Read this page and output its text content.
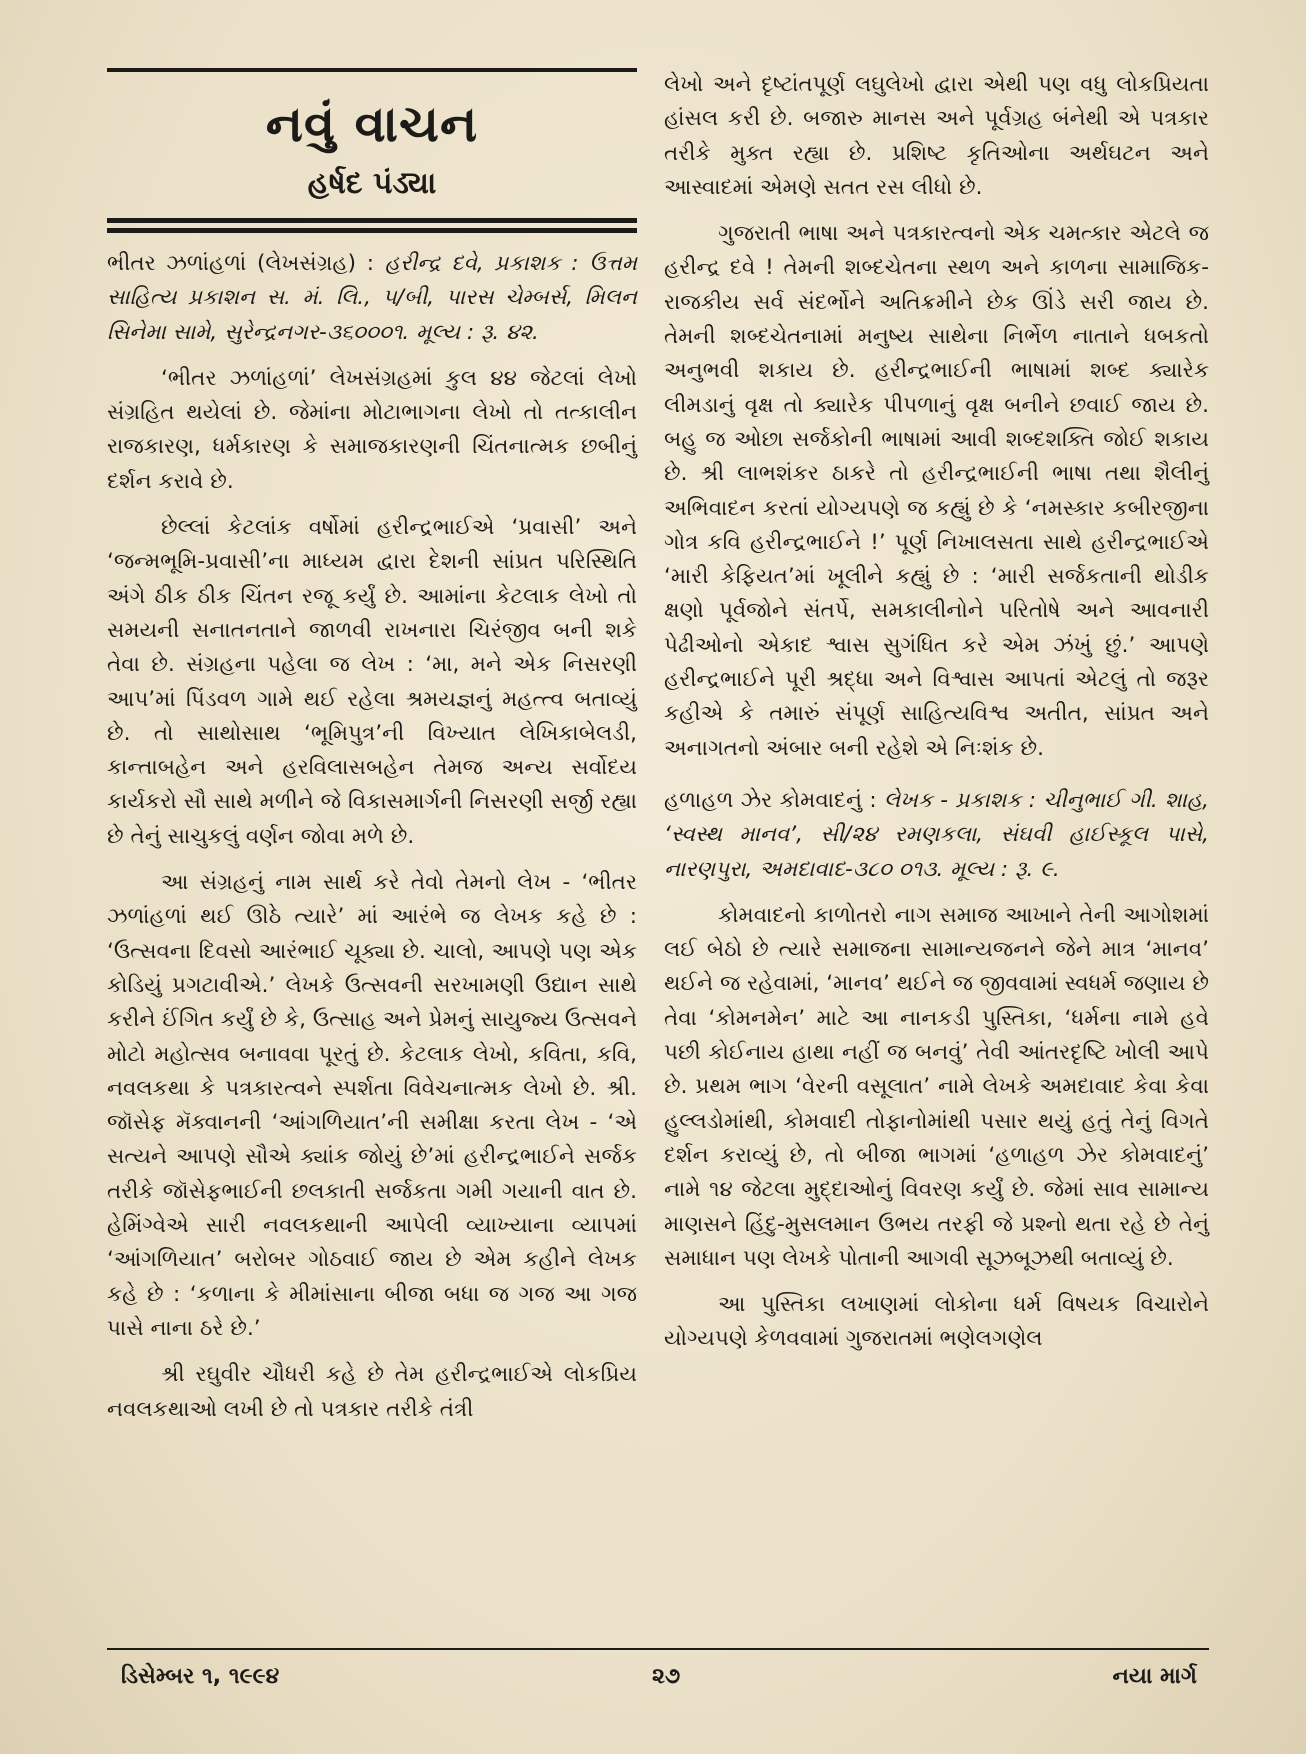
નવું વાચન
હર્ષદ પંડ્યા

ભીતર ઝળાંહળાં (લેખસંગ્રહ) : હરીન્દ્ર દવે, પ્રકાશક : ઉત્તમ સાહિત્ય પ્રકાશન સ. મં. લિ., ૫/બી, પારસ ચેમ્બર્સ, મિલન સિનેમા સામે, સુરેન્દ્રનગર-૩૬૦૦૦૧. મૂલ્ય : રૂ. ૪૨.

‘ભીતર ઝળાંહળાં’ લેખસંગ્રહમાં કુલ ૪૪ જેટલાં લેખો સંગ્રહિત થયેલાં છે. જેમાંના મોટાભાગના લેખો તો તત્કાલીન રાજકારણ, ધર્મકારણ કે સમાજકારણની ચિંતનાત્મક છબીનું દર્શન કરાવે છે.

છેલ્લાં કેટલાંક વર્ષોમાં હરીન્દ્રભાઈએ ‘પ્રવાસી’ અને ‘જન્મભૂમિ-પ્રવાસી’ના માધ્યમ દ્વારા દેશની સાંપ્રત પરિસ્થિતિ અંગે ઠીક ઠીક ચિંતન રજૂ કર્યું છે. આમાંના કેટલાક લેખો તો સમયની સનાતનતાને જાળવી રાખનારા ચિરંજીવ બની શકે તેવા છે. સંગ્રહના પહેલા જ લેખ : ‘મા, મને એક નિસરણી આપ’માં પિંડવળ ગામે થઈ રહેલા શ્રમયજ્ઞનું મહત્ત્વ બતાવ્યું છે. તો સાથોસાથ ‘ભૂમિપુત્ર’ની વિખ્યાત લેખિકાબેલડી, કાન્તાબહેન અને હરવિલાસબહેન તેમજ અન્ય સર્વોદય કાર્યકરો સૌ સાથે મળીને જે વિકાસમાર્ગની નિસરણી સર્જી રહ્યા છે તેનું સાચુકલું વર્ણન જોવા મળે છે.

આ સંગ્રહનું નામ સાર્થ કરે તેવો તેમનો લેખ - ‘ભીતર ઝળાંહળાં થઈ ઊઠે ત્યારે’ માં આરંભે જ લેખક કહે છે : ‘ઉત્સવના દિવસો આરંભાઈ ચૂક્યા છે. ચાલો, આપણે પણ એક કોડિયું પ્રગટાવીએ.’ લેખકે ઉત્સવની સરખામણી ઉદ્યાન સાથે કરીને ઈંગિત કર્યું છે કે, ઉત્સાહ અને પ્રેમનું સાયુજ્ય ઉત્સવને મોટો મહોત્સવ બનાવવા પૂરતું છે. કેટલાક લેખો, કવિતા, કવિ, નવલકથા કે પત્રકારત્વને સ્પર્શતા વિવેચનાત્મક લેખો છે. શ્રી. જૉસેફ મૅક્વાનની ‘આંગળિયાત’ની સમીક્ષા કરતા લેખ - ‘એ સત્યને આપણે સૌએ ક્યાંક જોયું છે’માં હરીન્દ્રભાઈને સર્જક તરીકે જૉસેફભાઈની છલકાતી સર્જકતા ગમી ગયાની વાત છે. હેમિંગ્વેએ સારી નવલકથાની આપેલી વ્યાખ્યાના વ્યાપમાં ‘આંગળિયાત’ બરોબર ગોઠવાઈ જાય છે એમ કહીને લેખક કહે છે : ‘કળાના કે મીમાંસાના બીજા બધા જ ગજ આ ગજ પાસે નાના ઠરે છે.’

શ્રી રઘુવીર ચૌધરી કહે છે તેમ હરીન્દ્રભાઈએ લોકપ્રિય નવલકથાઓ લખી છે તો પત્રકાર તરીકે તંત્રી

લેખો અને દૃષ્ટાંતપૂર્ણ લઘુલેખો દ્વારા એથી પણ વધુ લોકપ્રિયતા હાંસલ કરી છે. બજારુ માનસ અને પૂર્વગ્રહ બંનેથી એ પત્રકાર તરીકે મુક્ત રહ્યા છે. પ્રશિષ્ટ કૃતિઓના અર્થઘટન અને આસ્વાદમાં એમણે સતત રસ લીધો છે.

ગુજરાતી ભાષા અને પત્રકારત્વનો એક ચમત્કાર એટલે જ હરીન્દ્ર દવે ! તેમની શબ્દચેતના સ્થળ અને કાળના સામાજિક-રાજકીય સર્વ સંદર્ભોને અતિક્રમીને છેક ઊંડે સરી જાય છે. તેમની શબ્દચેતનામાં મનુષ્ય સાથેના નિર્ભેળ નાતાને ધબકતો અનુભવી શકાય છે. હરીન્દ્રભાઈની ભાષામાં શબ્દ ક્યારેક લીમડાનું વૃક્ષ તો ક્યારેક પીપળાનું વૃક્ષ બનીને છવાઈ જાય છે. બહુ જ ઓછા સર્જકોની ભાષામાં આવી શબ્દશક્તિ જોઈ શકાય છે. શ્રી લાભશંકર ઠાકરે તો હરીન્દ્રભાઈની ભાષા તથા શૈલીનું અભિવાદન કરતાં યોગ્યપણે જ કહ્યું છે કે ‘નમસ્કાર કબીરજીના ગોત્ર કવિ હરીન્દ્રભાઈને !’ પૂર્ણ નિખાલસતા સાથે હરીન્દ્રભાઈએ ‘મારી કેફિયત’માં ખૂલીને કહ્યું છે : ‘મારી સર્જકતાની થોડીક ક્ષણો પૂર્વજોને સંતર્પે, સમકાલીનોને પરિતોષે અને આવનારી પેઢીઓનો એકાદ શ્વાસ સુગંધિત કરે એમ ઝંખું છું.’ આપણે હરીન્દ્રભાઈને પૂરી શ્રદ્ધા અને વિશ્વાસ આપતાં એટલું તો જરૂર કહીએ કે તમારું સંપૂર્ણ સાહિત્યવિશ્વ અતીત, સાંપ્રત અને અનાગતનો અંબાર બની રહેશે એ નિઃશંક છે.

હળાહળ ઝેર કોમવાદનું : લેખક - પ્રકાશક : ચીનુભાઈ ગી. શાહ, ‘સ્વસ્થ માનવ’, સી/૨૪ રમણકલા, સંઘવી હાઈસ્કૂલ પાસે, નારણપુરા, અમદાવાદ-૩૮૦ ૦૧૩. મૂલ્ય : રૂ. ૯.

કોમવાદનો કાળોતરો નાગ સમાજ આખાને તેની આગોશમાં લઈ બેઠો છે ત્યારે સમાજના સામાન્યજનને જેને માત્ર ‘માનવ’ થઈને જ રહેવામાં, ‘માનવ’ થઈને જ જીવવામાં સ્વધર્મ જણાય છે તેવા ‘કોમનમેન’ માટે આ નાનકડી પુસ્તિકા, ‘ધર્મના નામે હવે પછી કોઈનાય હાથા નહીં જ બનવું’ તેવી આંતરદૃષ્ટિ ખોલી આપે છે. પ્રથમ ભાગ ‘વેરની વસૂલાત’ નામે લેખકે અમદાવાદ કેવા કેવા હુલ્લડોમાંથી, કોમવાદી તોફાનોમાંથી પસાર થયું હતું તેનું વિગતે દર્શન કરાવ્યું છે, તો બીજા ભાગમાં ‘હળાહળ ઝેર કોમવાદનું’ નામે ૧૪ જેટલા મુદ્દાઓનું વિવરણ કર્યું છે. જેમાં સાવ સામાન્ય માણસને હિંદુ-મુસલમાન ઉભય તરફી જે પ્રશ્નો થતા રહે છે તેનું સમાધાન પણ લેખકે પોતાની આગવી સૂઝબૂઝથી બતાવ્યું છે.

આ પુસ્તિકા લખાણમાં લોકોના ધર્મ વિષયક વિચારોને યોગ્યપણે કેળવવામાં ગુજરાતમાં ભણેલગણેલ

ડિસેમ્બર ૧, ૧૯૯૪	૨૭	નયા માર્ગ
